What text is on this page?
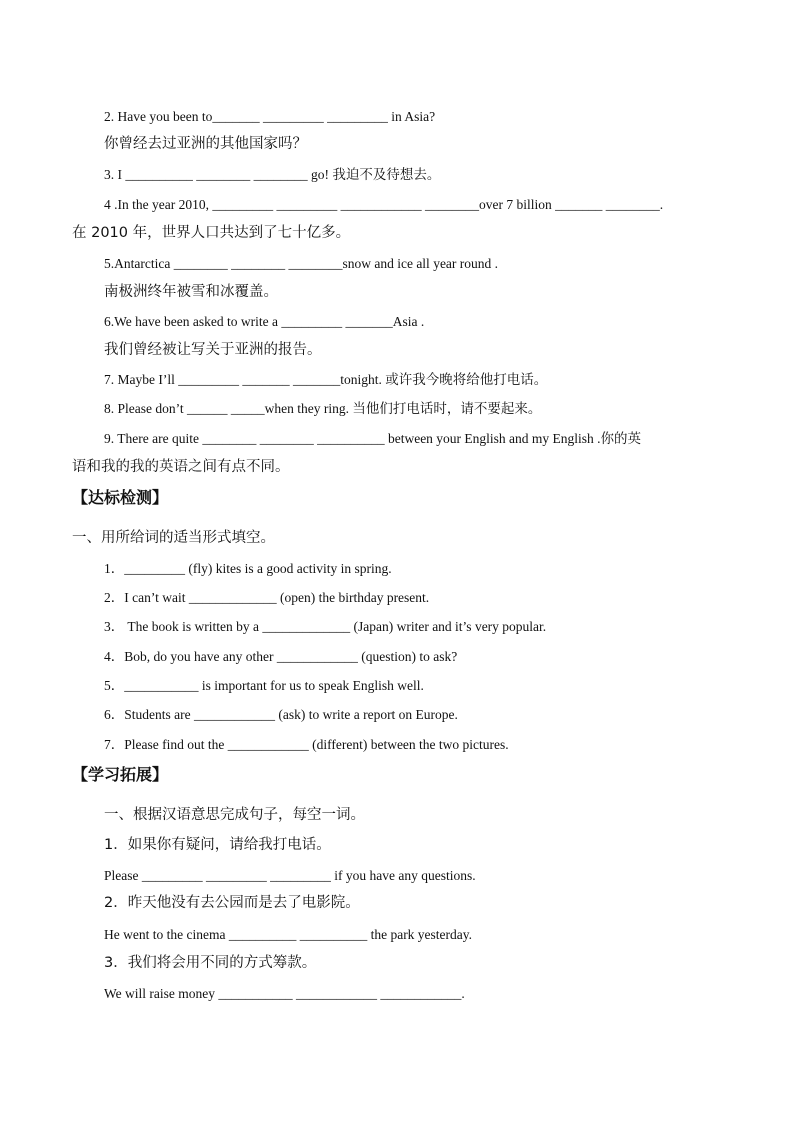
2. Have you been to_______ _________ _________ in Asia?
你曾经去过亚洲的其他国家吗？
3. I __________ ________ ________ go! 我迫不及待想去。
4 .In the year 2010, _________ _________ ____________ ________over 7 billion _______ ________.
在 2010 年，世界人口共达到了七十亿多。
5.Antarctica ________ ________ ________snow and ice all year round .
南极洲终年被雪和冰覆盖。
6.We have been asked to write a _________ _______Asia .
我们曾经被让写关于亚洲的报告。
7. Maybe I’ll _________ _______ _______tonight. 或许我今晚将给他打电话。
8. Please don’t ______ _____when they ring. 当他们打电话时，请不要起来。
9. There are quite ________ ________ __________ between your English and my English .你的英
语和我的我的英语之间有点不同。
【达标检测】
一、用所给词的适当形式填空。
1．_________ (fly) kites is a good activity in spring.
2．I can’t wait _____________ (open) the birthday present.
3． The book is written by a _____________ (Japan) writer and it’s very popular.
4．Bob, do you have any other ____________ (question) to ask?
5．___________ is important for us to speak English well.
6．Students are ____________ (ask) to write a report on Europe.
7．Please find out the ____________ (different) between the two pictures.
【学习拓展】
一、根据汉语意思完成句子，每空一词。
1．如果你有疑问，请给我打电话。
Please _________ _________ _________ if you have any questions.
2．昨天他没有去公园而是去了电影院。
He went to the cinema __________ __________ the park yesterday.
3．我们将会用不同的方式筹款。
We will raise money ___________ ____________ ____________.
